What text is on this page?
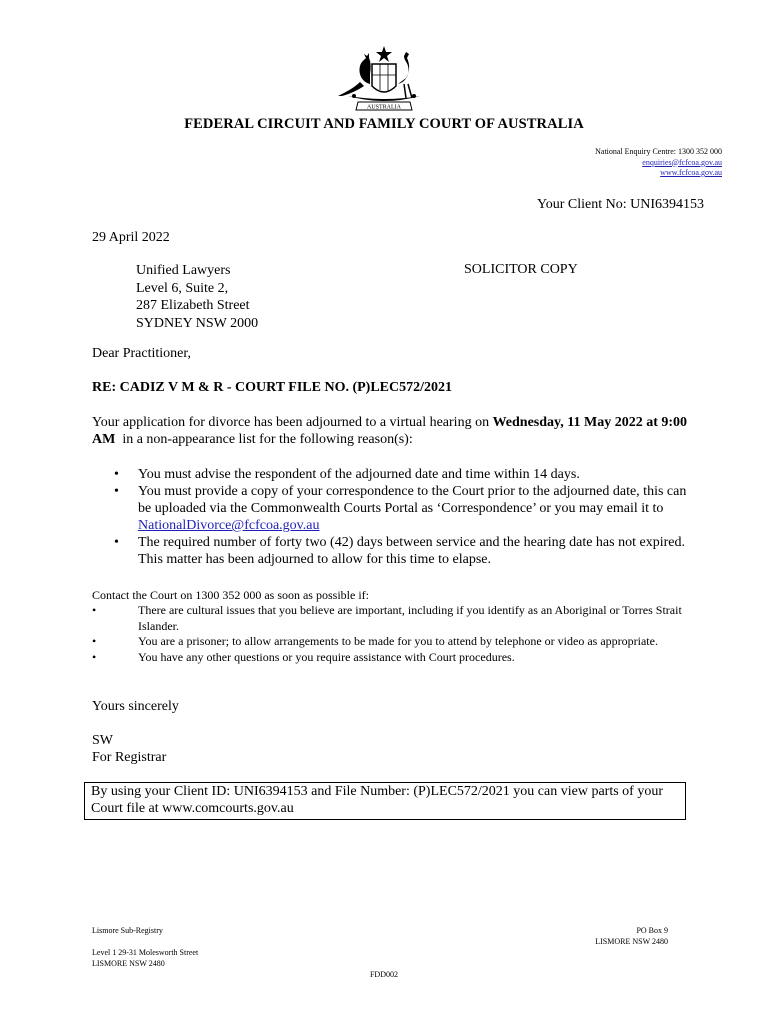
AUSTRALIA
FEDERAL CIRCUIT AND FAMILY COURT OF AUSTRALIA
National Enquiry Centre: 1300 352 000
enquiries@fcfcoa.gov.au
www.fcfcoa.gov.au
Your Client No: UNI6394153
29 April 2022
Unified Lawyers
Level 6, Suite 2,
287 Elizabeth Street
SYDNEY NSW 2000
SOLICITOR COPY
Dear Practitioner,
RE: CADIZ V M & R - COURT FILE NO. (P)LEC572/2021
Your application for divorce has been adjourned to a virtual hearing on Wednesday, 11 May 2022 at 9:00 AM in a non-appearance list for the following reason(s):
• You must advise the respondent of the adjourned date and time within 14 days.
• You must provide a copy of your correspondence to the Court prior to the adjourned date, this can be uploaded via the Commonwealth Courts Portal as ‘Correspondence’ or you may email it to NationalDivorce@fcfcoa.gov.au
• The required number of forty two (42) days between service and the hearing date has not expired. This matter has been adjourned to allow for this time to elapse.
Contact the Court on 1300 352 000 as soon as possible if:
• There are cultural issues that you believe are important, including if you identify as an Aboriginal or Torres Strait Islander.
• You are a prisoner; to allow arrangements to be made for you to attend by telephone or video as appropriate.
• You have any other questions or you require assistance with Court procedures.
Yours sincerely
SW
For Registrar
By using your Client ID: UNI6394153 and File Number: (P)LEC572/2021 you can view parts of your Court file at www.comcourts.gov.au
Lismore Sub-Registry	PO Box 9
LISMORE NSW 2480
Level 1 29-31 Molesworth Street
LISMORE NSW 2480
FDD002
